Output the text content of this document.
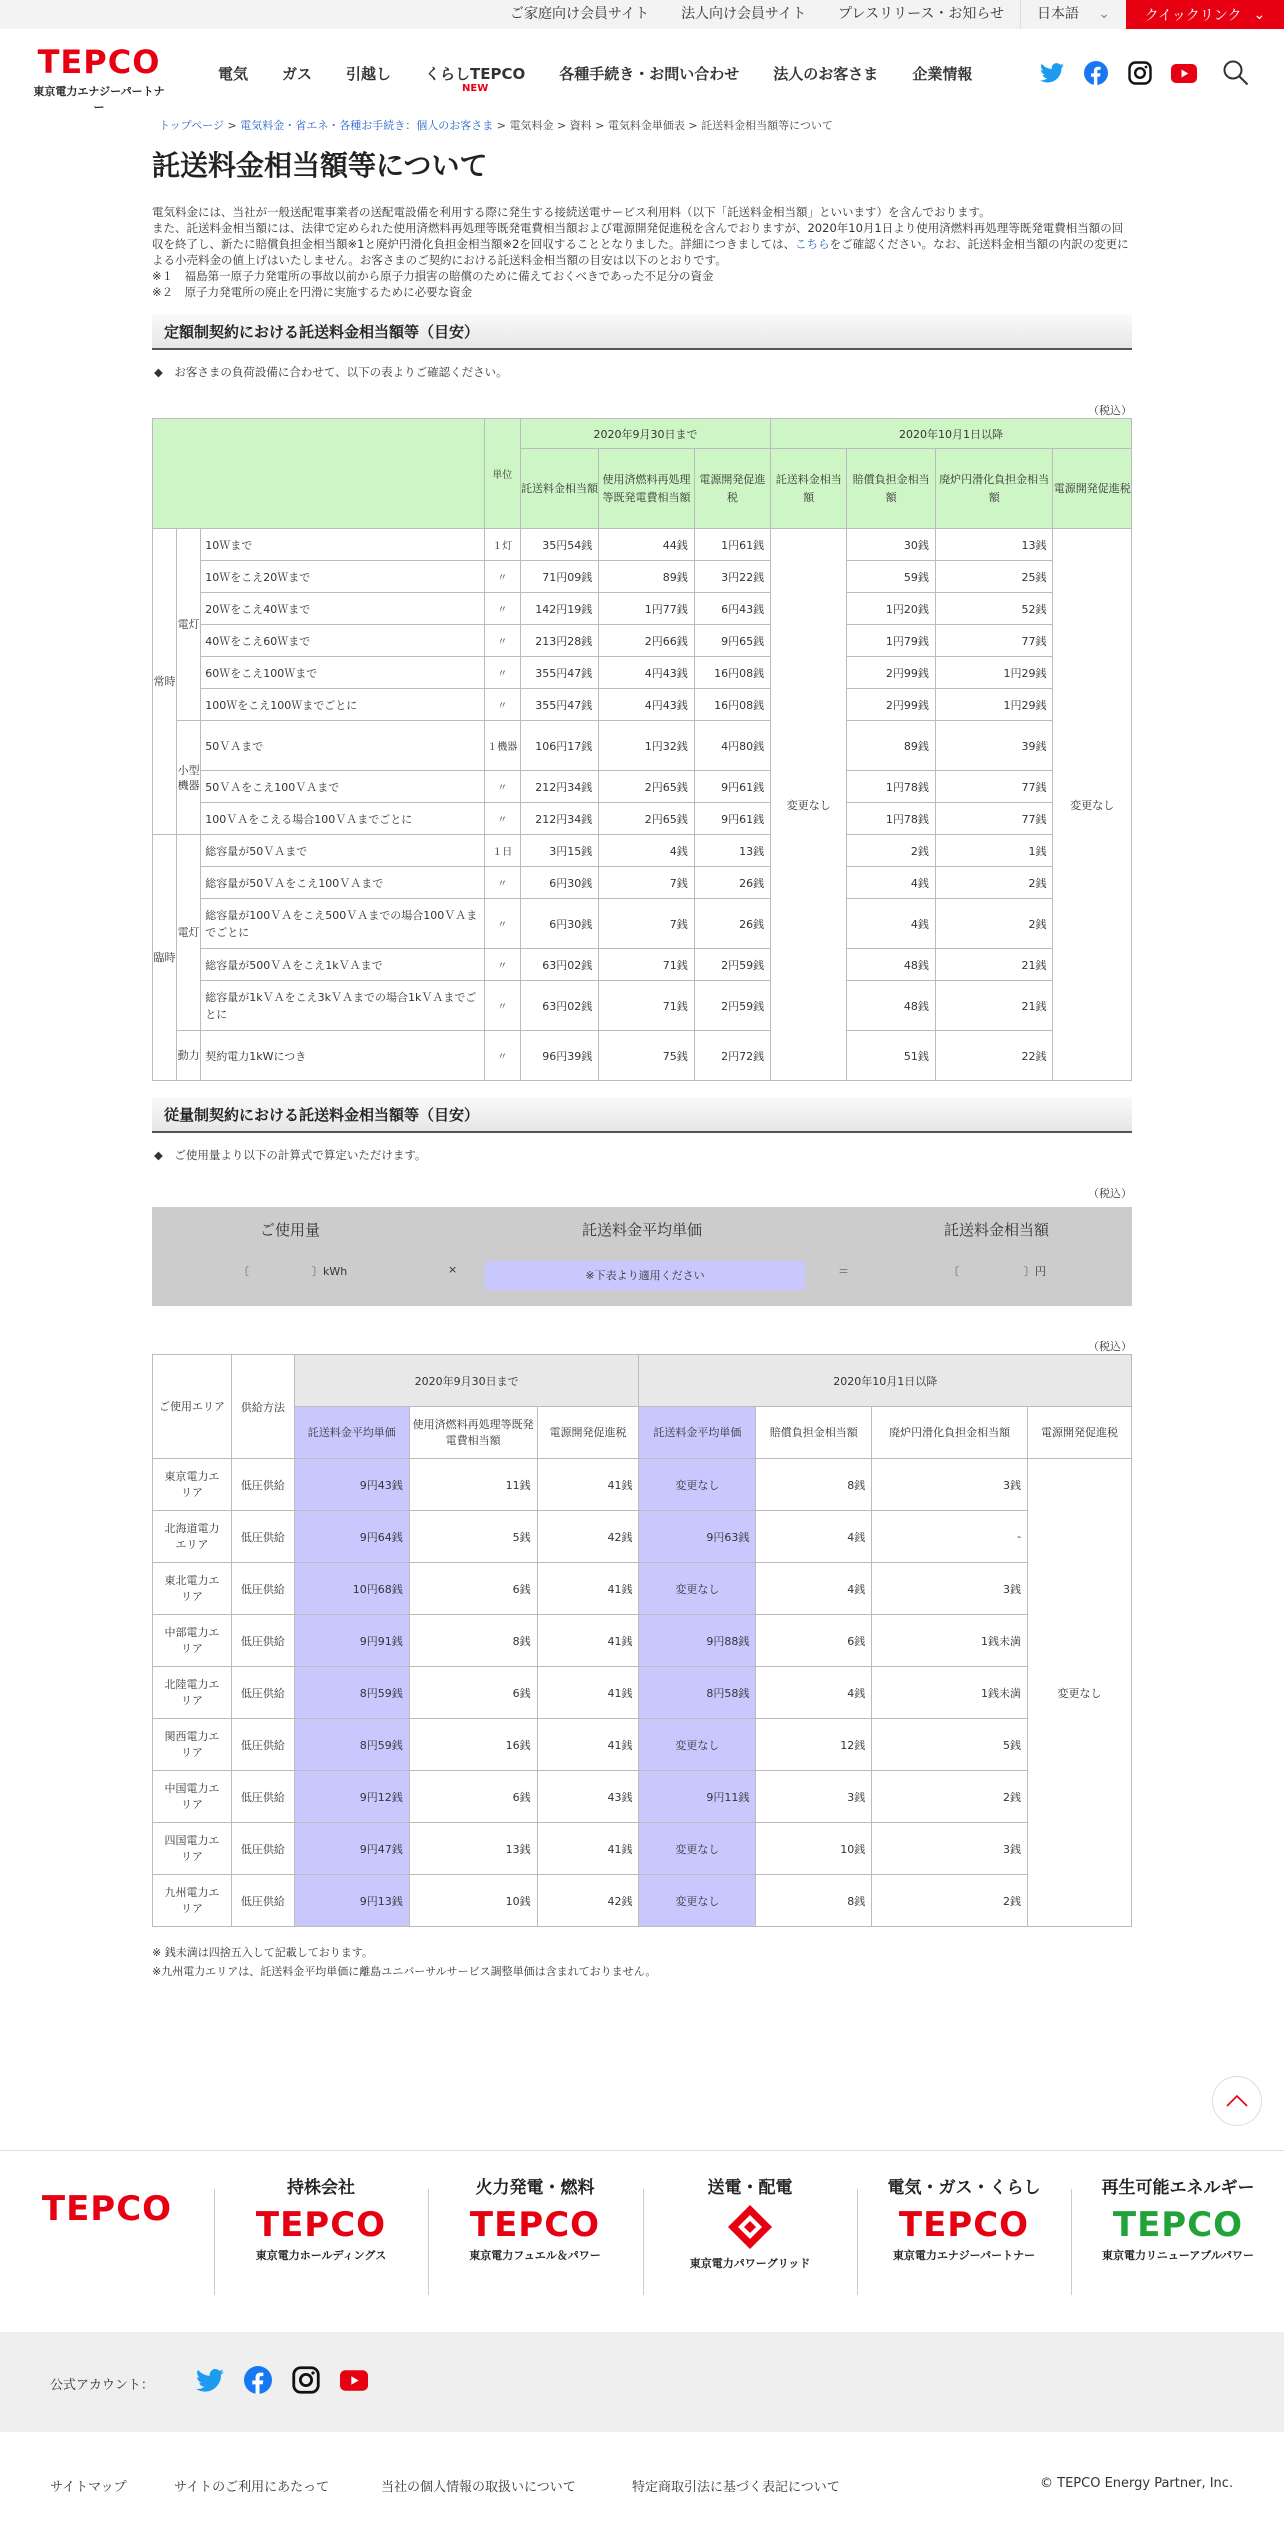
ご家庭向け会員サイト	法人向け会員サイト	プレスリリース・お知らせ	日本語 ⌄ クイックリンク ⌄
TEPCO
東京電力エナジーパートナー
電気 ガス 引越し くらしTEPCO
NEW
各種手続き・お問い合わせ 法人のお客さま 企業情報
トップページ > 電気料金・省エネ・各種お手続き：個人のお客さま > 電気料金 > 資料 > 電気料金単価表 > 託送料金相当額等について
託送料金相当額等について
電気料金には、当社が一般送配電事業者の送配電設備を利用する際に発生する接続送電サービス利用料（以下「託送料金相当額」といいます）を含んでおります。
また、託送料金相当額には、法律で定められた使用済燃料再処理等既発電費相当額および電源開発促進税を含んでおりますが、2020年10月1日より使用済燃料再処理等既発電費相当額の回収を終了し、新たに賠償負担金相当額※1と廃炉円滑化負担金相当額※2を回収することとなりました。詳細につきましては、こちらをご確認ください。なお、託送料金相当額の内訳の変更による小売料金の値上げはいたしません。お客さまのご契約における託送料金相当額の目安は以下のとおりです。
※１　福島第一原子力発電所の事故以前から原子力損害の賠償のために備えておくべきであった不足分の資金
※２　原子力発電所の廃止を円滑に実施するために必要な資金
定額制契約における託送料金相当額等（目安）
◆　お客さまの負荷設備に合わせて、以下の表よりご確認ください。
（税込）
			単位	2020年9月30日まで			2020年10月1日以降			
				託送料金相当額	使用済燃料再処理等既発電費相当額	電源開発促進税	託送料金相当額	賠償負担金相当額	廃炉円滑化負担金相当額	電源開発促進税
常時	電灯	10Ｗまで	１灯	35円54銭	44銭	1円61銭	変更なし	30銭	13銭	変更なし
		10Ｗをこえ20Ｗまで	〃	71円09銭	89銭	3円22銭		59銭	25銭	
		20Ｗをこえ40Ｗまで	〃	142円19銭	1円77銭	6円43銭		1円20銭	52銭	
		40Ｗをこえ60Ｗまで	〃	213円28銭	2円66銭	9円65銭		1円79銭	77銭	
		60Ｗをこえ100Ｗまで	〃	355円47銭	4円43銭	16円08銭		2円99銭	1円29銭	
		100Ｗをこえ100Ｗまでごとに	〃	355円47銭	4円43銭	16円08銭		2円99銭	1円29銭	
	小型機器	50ＶＡまで	１機器	106円17銭	1円32銭	4円80銭		89銭	39銭	
		50ＶＡをこえ100ＶＡまで	〃	212円34銭	2円65銭	9円61銭		1円78銭	77銭	
		100ＶＡをこえる場合100ＶＡまでごとに	〃	212円34銭	2円65銭	9円61銭		1円78銭	77銭	
臨時	電灯	総容量が50ＶＡまで	１日	3円15銭	4銭	13銭		2銭	1銭	
		総容量が50ＶＡをこえ100ＶＡまで	〃	6円30銭	7銭	26銭		4銭	2銭	
		総容量が100ＶＡをこえ500ＶＡまでの場合100ＶＡまでごとに	〃	6円30銭	7銭	26銭		4銭	2銭	
		総容量が500ＶＡをこえ1kＶＡまで	〃	63円02銭	71銭	2円59銭		48銭	21銭	
		総容量が1kＶＡをこえ3kＶＡまでの場合1kＶＡまでごとに	〃	63円02銭	71銭	2円59銭		48銭	21銭	
	動力	契約電力1kWにつき	〃	96円39銭	75銭	2円72銭		51銭	22銭	
従量制契約における託送料金相当額等（目安）
◆　ご使用量より以下の計算式で算定いただけます。
（税込）
ご使用量	託送料金平均単価	託送料金相当額
〔	〕kWh	×	※下表より適用ください	＝	〔	〕円
（税込）
ご使用エリア	供給方法	2020年9月30日まで			2020年10月1日以降			
		託送料金平均単価	使用済燃料再処理等既発電費相当額	電源開発促進税	託送料金平均単価	賠償負担金相当額	廃炉円滑化負担金相当額	電源開発促進税
東京電力エリア	低圧供給	9円43銭	11銭	41銭	変更なし	8銭	3銭	変更なし
北海道電力エリア	低圧供給	9円64銭	5銭	42銭	9円63銭	4銭	-	
東北電力エリア	低圧供給	10円68銭	6銭	41銭	変更なし	4銭	3銭	
中部電力エリア	低圧供給	9円91銭	8銭	41銭	9円88銭	6銭	1銭未満	
北陸電力エリア	低圧供給	8円59銭	6銭	41銭	8円58銭	4銭	1銭未満	
関西電力エリア	低圧供給	8円59銭	16銭	41銭	変更なし	12銭	5銭	
中国電力エリア	低圧供給	9円12銭	6銭	43銭	9円11銭	3銭	2銭	
四国電力エリア	低圧供給	9円47銭	13銭	41銭	変更なし	10銭	3銭	
九州電力エリア	低圧供給	9円13銭	10銭	42銭	変更なし	8銭	2銭	
※ 銭未満は四捨五入して記載しております。
※九州電力エリアは、託送料金平均単価に離島ユニバーサルサービス調整単価は含まれておりません。
TEPCO
持株会社
TEPCO
東京電力ホールディングス
火力発電・燃料
TEPCO
東京電力フュエル＆パワー
送電・配電
東京電力パワーグリッド
電気・ガス・くらし
TEPCO
東京電力エナジーパートナー
再生可能エネルギー
TEPCO
東京電力リニューアブルパワー
公式アカウント：
サイトマップ	サイトのご利用にあたって	当社の個人情報の取扱いについて	特定商取引法に基づく表記について	© TEPCO Energy Partner, Inc.
